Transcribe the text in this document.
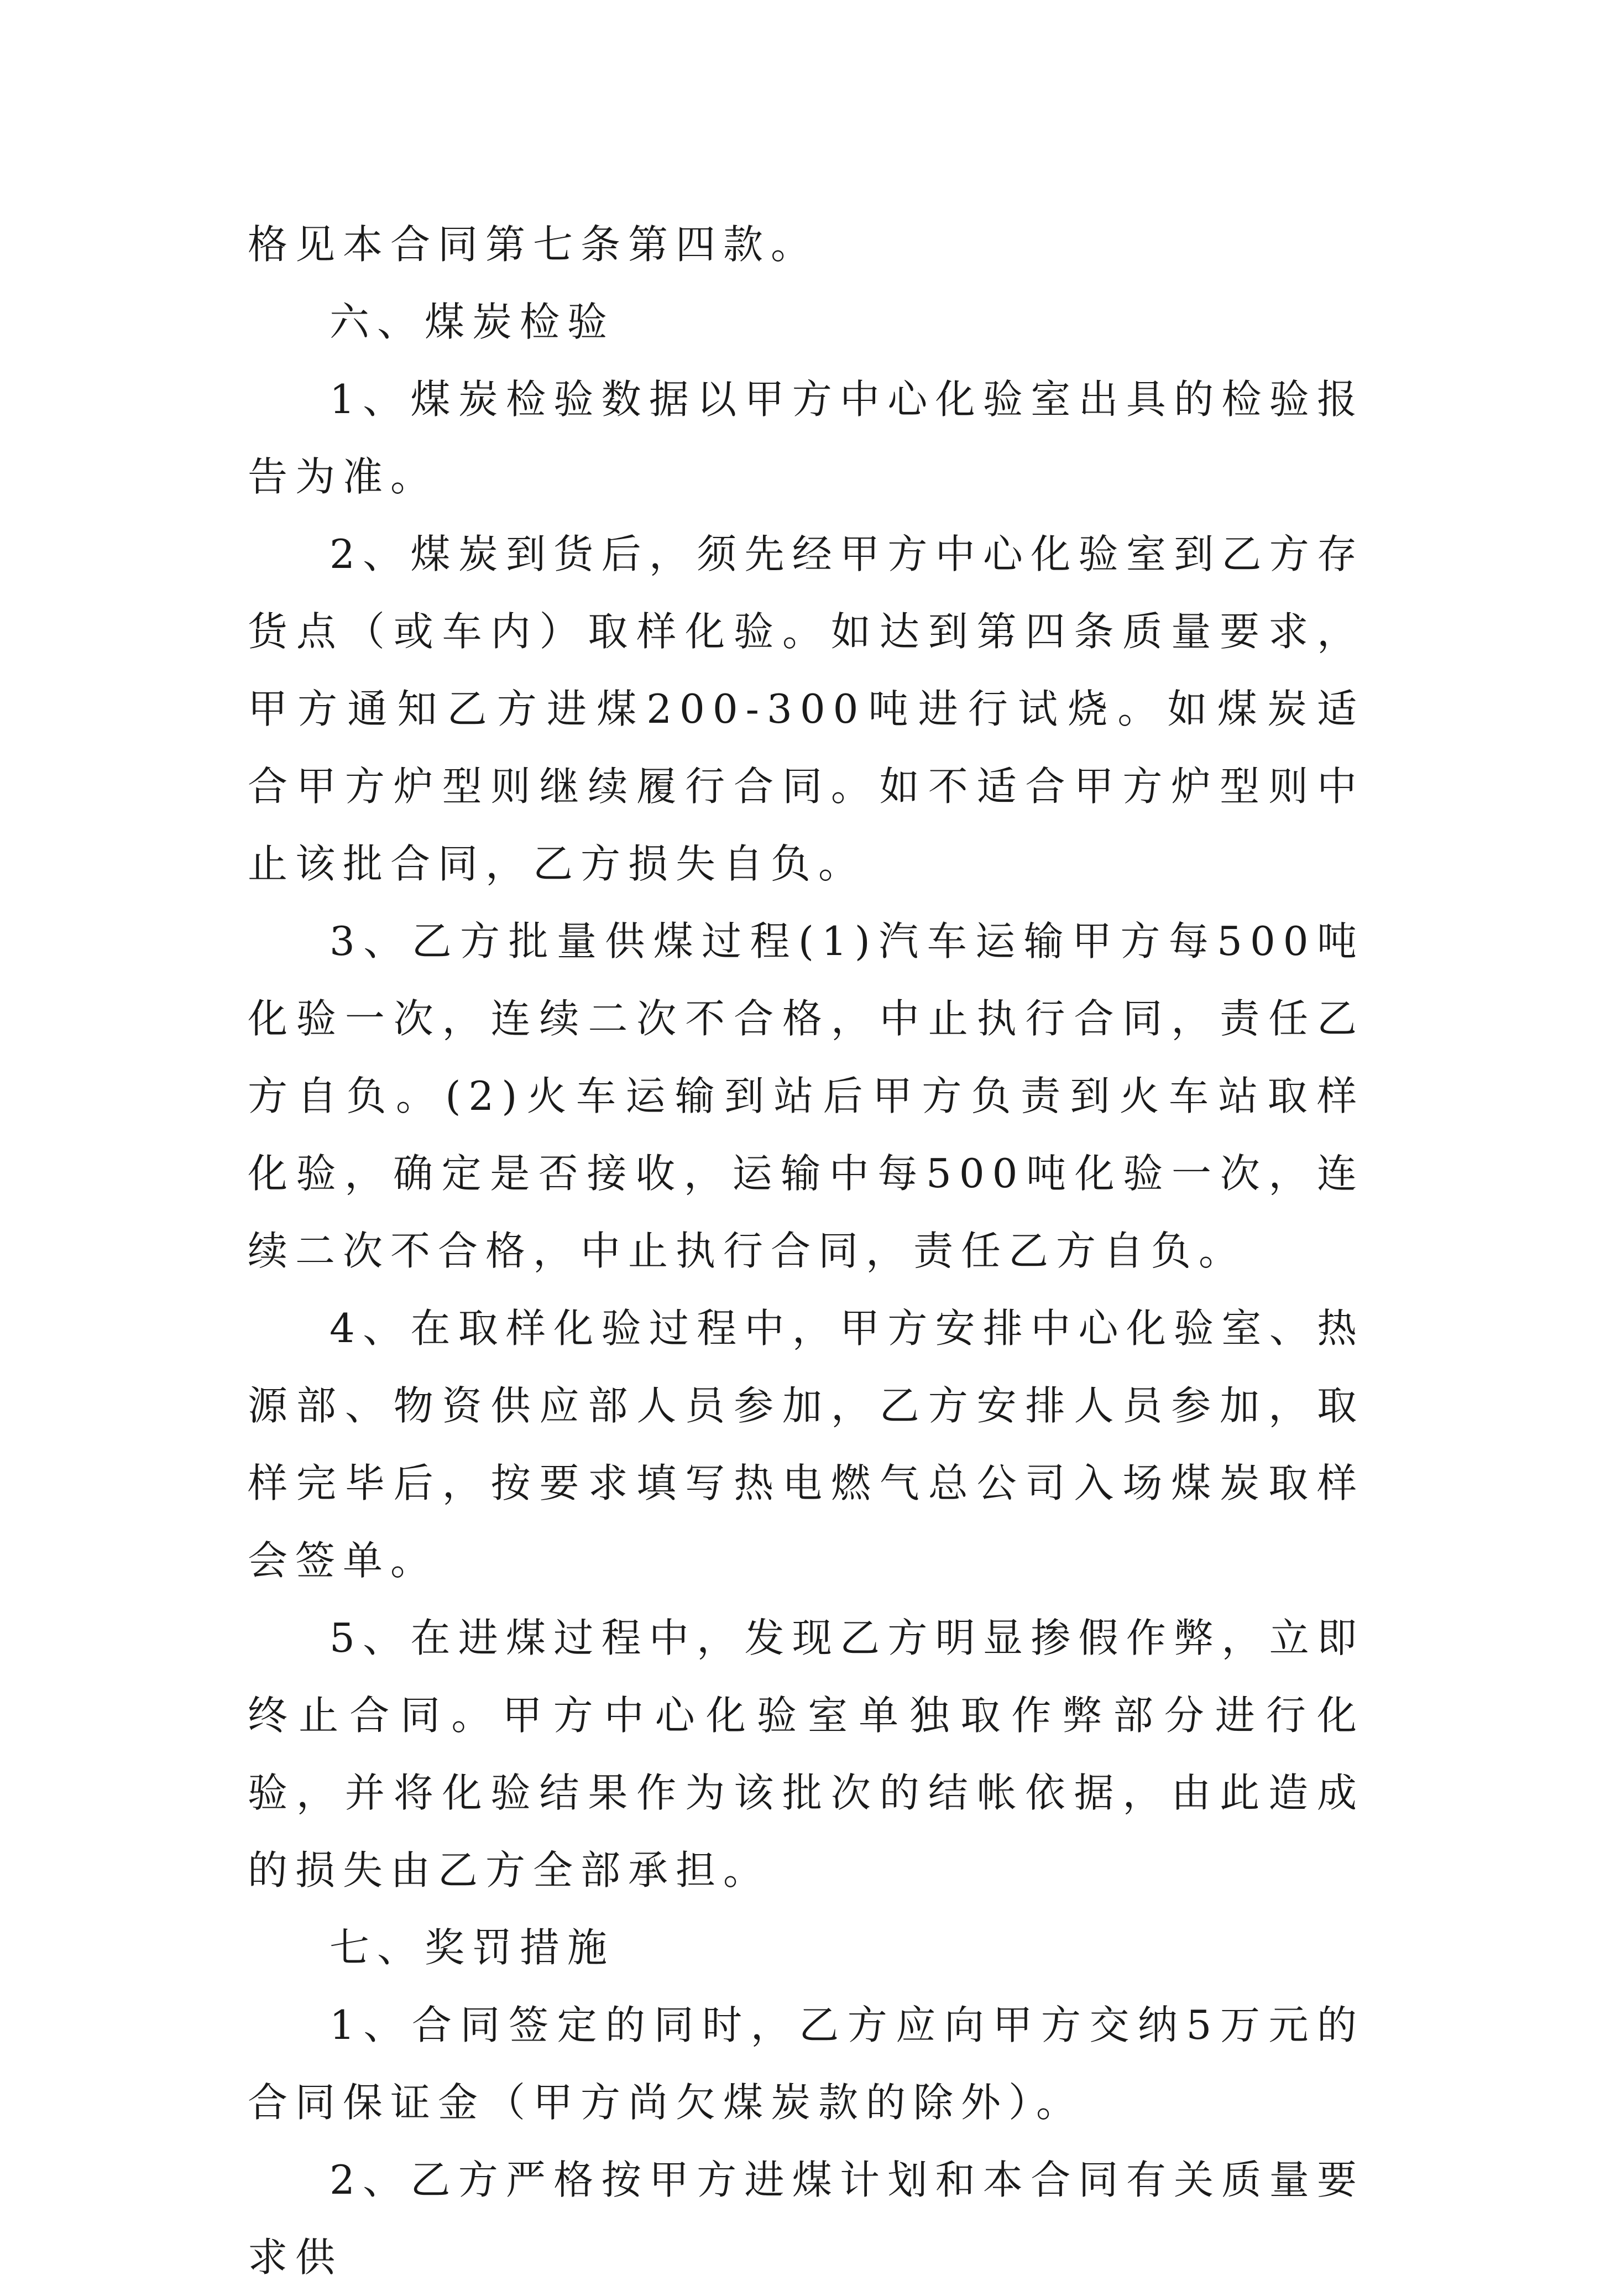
格见本合同第七条第四款。

六、煤炭检验

1、煤炭检验数据以甲方中心化验室出具的检验报告为准。

2、煤炭到货后，须先经甲方中心化验室到乙方存货点（或车内）取样化验。如达到第四条质量要求，甲方通知乙方进煤200-300吨进行试烧。如煤炭适合甲方炉型则继续履行合同。如不适合甲方炉型则中止该批合同，乙方损失自负。

3、乙方批量供煤过程(1)汽车运输甲方每500吨化验一次，连续二次不合格，中止执行合同，责任乙方自负。(2)火车运输到站后甲方负责到火车站取样化验，确定是否接收，运输中每500吨化验一次，连续二次不合格，中止执行合同，责任乙方自负。

4、在取样化验过程中，甲方安排中心化验室、热源部、物资供应部人员参加，乙方安排人员参加，取样完毕后，按要求填写热电燃气总公司入场煤炭取样会签单。

5、在进煤过程中，发现乙方明显掺假作弊，立即终止合同。甲方中心化验室单独取作弊部分进行化验，并将化验结果作为该批次的结帐依据，由此造成的损失由乙方全部承担。

七、奖罚措施

1、合同签定的同时，乙方应向甲方交纳5万元的合同保证金（甲方尚欠煤炭款的除外）。

2、乙方严格按甲方进煤计划和本合同有关质量要求供
